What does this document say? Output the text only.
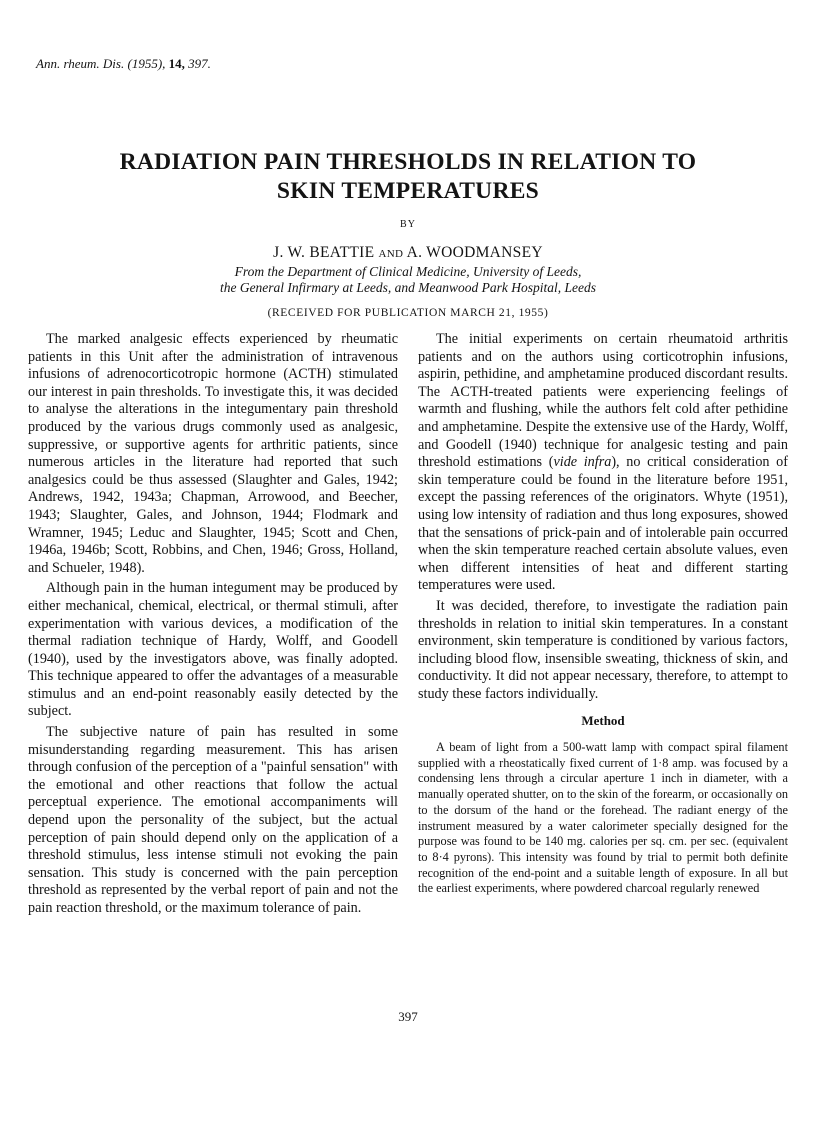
Ann. rheum. Dis. (1955), 14, 397.
RADIATION PAIN THRESHOLDS IN RELATION TO
SKIN TEMPERATURES
BY
J. W. BEATTIE AND A. WOODMANSEY
From the Department of Clinical Medicine, University of Leeds,
the General Infirmary at Leeds, and Meanwood Park Hospital, Leeds
(RECEIVED FOR PUBLICATION MARCH 21, 1955)

The marked analgesic effects experienced by rheumatic patients in this Unit after the administration of intravenous infusions of adrenocorticotropic hormone (ACTH) stimulated our interest in pain thresholds. To investigate this, it was decided to analyse the alterations in the integumentary pain threshold produced by the various drugs commonly used as analgesic, suppressive, or supportive agents for arthritic patients, since numerous articles in the literature had reported that such analgesics could be thus assessed (Slaughter and Gales, 1942; Andrews, 1942, 1943a; Chapman, Arrowood, and Beecher, 1943; Slaughter, Gales, and Johnson, 1944; Flodmark and Wramner, 1945; Leduc and Slaughter, 1945; Scott and Chen, 1946a, 1946b; Scott, Robbins, and Chen, 1946; Gross, Holland, and Schueler, 1948).

Although pain in the human integument may be produced by either mechanical, chemical, electrical, or thermal stimuli, after experimentation with various devices, a modification of the thermal radiation technique of Hardy, Wolff, and Goodell (1940), used by the investigators above, was finally adopted. This technique appeared to offer the advantages of a measurable stimulus and an end-point reasonably easily detected by the subject.

The subjective nature of pain has resulted in some misunderstanding regarding measurement. This has arisen through confusion of the perception of a "painful sensation" with the emotional and other reactions that follow the actual perceptual experience. The emotional accompaniments will depend upon the personality of the subject, but the actual perception of pain should depend only on the application of a threshold stimulus, less intense stimuli not evoking the pain sensation. This study is concerned with the pain perception threshold as represented by the verbal report of pain and not the pain reaction threshold, or the maximum tolerance of pain.

The initial experiments on certain rheumatoid arthritis patients and on the authors using corticotrophin infusions, aspirin, pethidine, and amphetamine produced discordant results. The ACTH-treated patients were experiencing feelings of warmth and flushing, while the authors felt cold after pethidine and amphetamine. Despite the extensive use of the Hardy, Wolff, and Goodell (1940) technique for analgesic testing and pain threshold estimations (vide infra), no critical consideration of skin temperature could be found in the literature before 1951, except the passing references of the originators. Whyte (1951), using low intensity of radiation and thus long exposures, showed that the sensations of prick-pain and of intolerable pain occurred when the skin temperature reached certain absolute values, even when different intensities of heat and different starting temperatures were used.

It was decided, therefore, to investigate the radiation pain thresholds in relation to initial skin temperatures. In a constant environment, skin temperature is conditioned by various factors, including blood flow, insensible sweating, thickness of skin, and conductivity. It did not appear necessary, therefore, to attempt to study these factors individually.

Method

A beam of light from a 500-watt lamp with compact spiral filament supplied with a rheostatically fixed current of 1·8 amp. was focused by a condensing lens through a circular aperture 1 inch in diameter, with a manually operated shutter, on to the skin of the forearm, or occasionally on to the dorsum of the hand or the forehead. The radiant energy of the instrument measured by a water calorimeter specially designed for the purpose was found to be 140 mg. calories per sq. cm. per sec. (equivalent to 8·4 pyrons). This intensity was found by trial to permit both definite recognition of the end-point and a suitable length of exposure. In all but the earliest experiments, where powdered charcoal regularly renewed

397
